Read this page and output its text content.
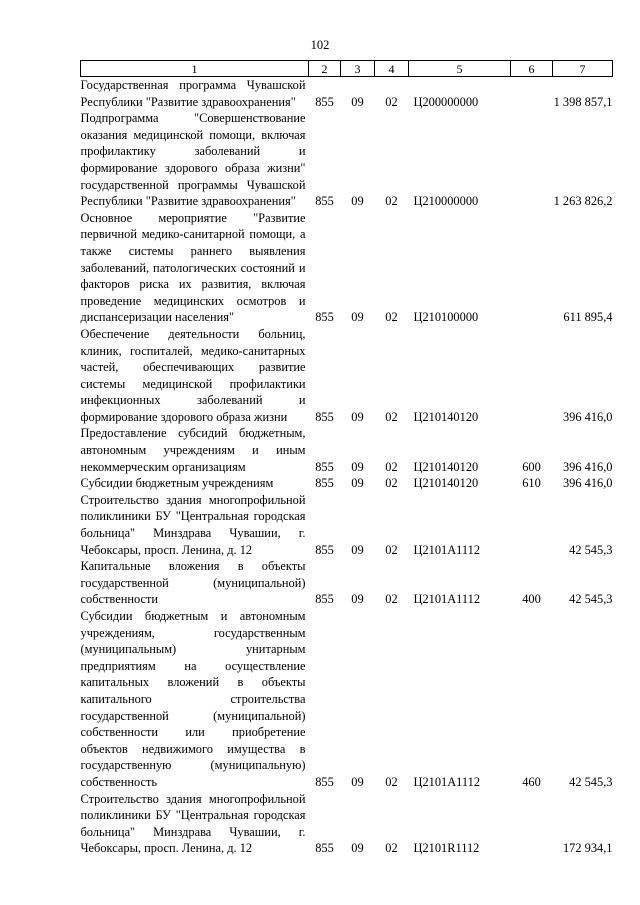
102
1	2	3	4	5	6	7
Государственная программа Чувашской Республики "Развитие здравоохранения"	855	09	02	Ц200000000		1 398 857,1
Подпрограмма "Совершенствование оказания медицинской помощи, включая профилактику заболеваний и формирование здорового образа жизни" государственной программы Чувашской Республики "Развитие здравоохранения"	855	09	02	Ц210000000		1 263 826,2
Основное мероприятие "Развитие первичной медико-санитарной помощи, а также системы раннего выявления заболеваний, патологических состояний и факторов риска их развития, включая проведение медицинских осмотров и диспансеризации населения"	855	09	02	Ц210100000		611 895,4
Обеспечение деятельности больниц, клиник, госпиталей, медико-санитарных частей, обеспечивающих развитие системы медицинской профилактики инфекционных заболеваний и формирование здорового образа жизни	855	09	02	Ц210140120		396 416,0
Предоставление субсидий бюджетным, автономным учреждениям и иным некоммерческим организациям	855	09	02	Ц210140120	600	396 416,0
Субсидии бюджетным учреждениям	855	09	02	Ц210140120	610	396 416,0
Строительство здания многопрофильной поликлиники БУ "Центральная городская больница" Минздрава Чувашии, г. Чебоксары, просп. Ленина, д. 12	855	09	02	Ц2101A1112		42 545,3
Капитальные вложения в объекты государственной (муниципальной) собственности	855	09	02	Ц2101A1112	400	42 545,3
Субсидии бюджетным и автономным учреждениям, государственным (муниципальным) унитарным предприятиям на осуществление капитальных вложений в объекты капитального строительства государственной (муниципальной) собственности или приобретение объектов недвижимого имущества в государственную (муниципальную) собственность	855	09	02	Ц2101A1112	460	42 545,3
Строительство здания многопрофильной поликлиники БУ "Центральная городская больница" Минздрава Чувашии, г. Чебоксары, просп. Ленина, д. 12	855	09	02	Ц2101R1112		172 934,1
